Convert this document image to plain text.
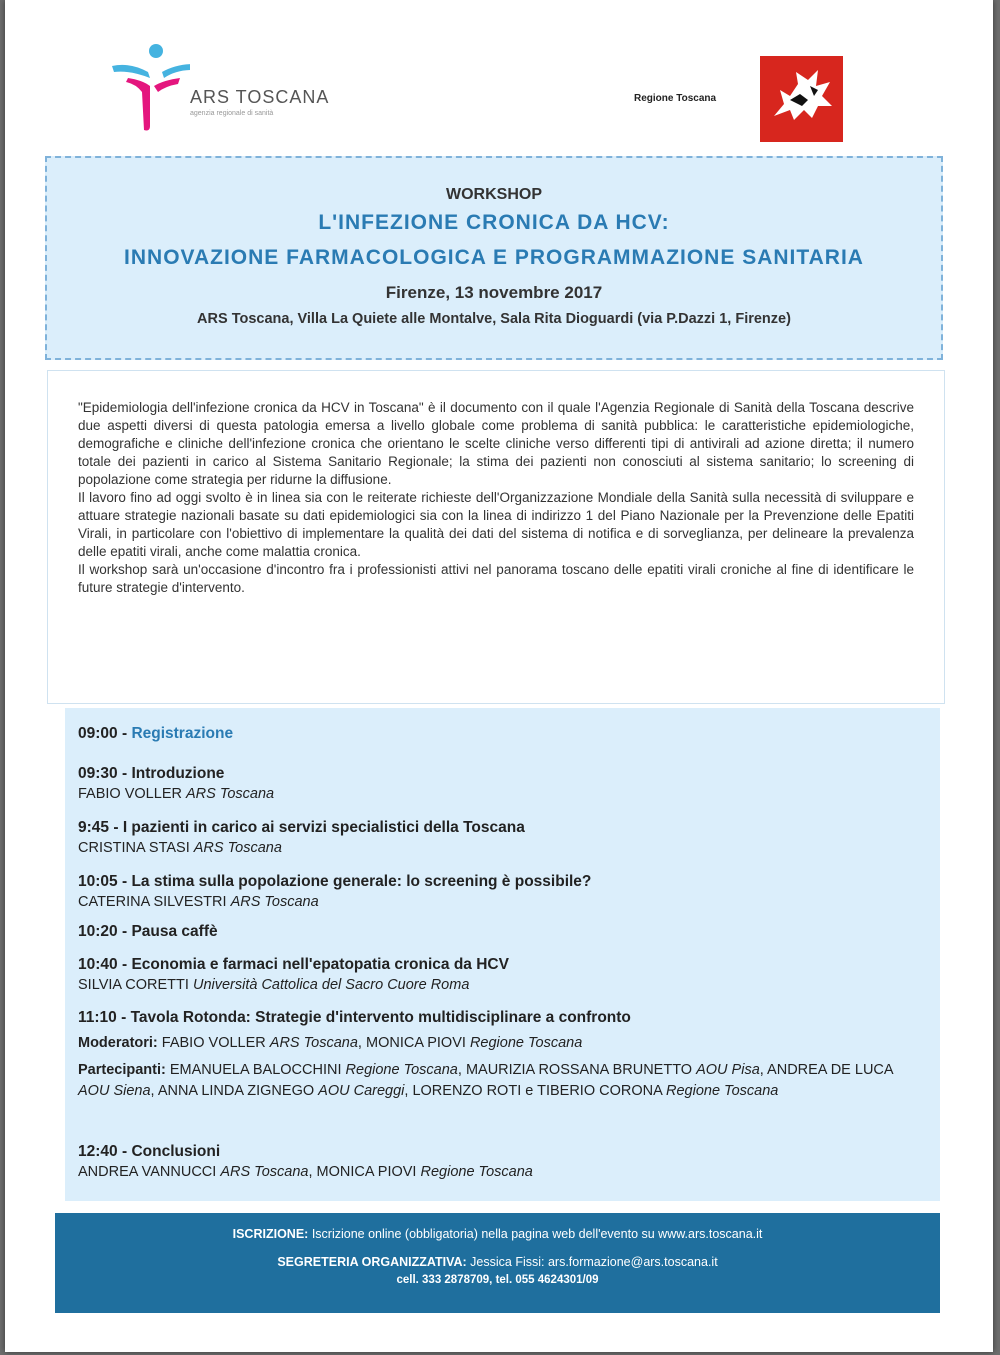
ARS TOSCANA
agenzia regionale di sanità
Regione Toscana
WORKSHOP
L'INFEZIONE CRONICA DA HCV:
INNOVAZIONE FARMACOLOGICA E PROGRAMMAZIONE SANITARIA
Firenze, 13 novembre 2017
ARS Toscana, Villa La Quiete alle Montalve, Sala Rita Dioguardi (via P.Dazzi 1, Firenze)

"Epidemiologia dell'infezione cronica da HCV in Toscana" è il documento con il quale l'Agenzia Regionale di Sanità della Toscana descrive due aspetti diversi di questa patologia emersa a livello globale come problema di sanità pubblica: le caratteristiche epidemiologiche, demografiche e cliniche dell'infezione cronica che orientano le scelte cliniche verso differenti tipi di antivirali ad azione diretta; il numero totale dei pazienti in carico al Sistema Sanitario Regionale; la stima dei pazienti non conosciuti al sistema sanitario; lo screening di popolazione come strategia per ridurne la diffusione.

Il lavoro fino ad oggi svolto è in linea sia con le reiterate richieste dell'Organizzazione Mondiale della Sanità sulla necessità di sviluppare e attuare strategie nazionali basate su dati epidemiologici sia con la linea di indirizzo 1 del Piano Nazionale per la Prevenzione delle Epatiti Virali, in particolare con l'obiettivo di implementare la qualità dei dati del sistema di notifica e di sorveglianza, per delineare la prevalenza delle epatiti virali, anche come malattia cronica.

Il workshop sarà un'occasione d'incontro fra i professionisti attivi nel panorama toscano delle epatiti virali croniche al fine di identificare le future strategie d'intervento.

09:00 - Registrazione
09:30 - Introduzione
FABIO VOLLER ARS Toscana
9:45 - I pazienti in carico ai servizi specialistici della Toscana
CRISTINA STASI ARS Toscana
10:05 - La stima sulla popolazione generale: lo screening è possibile?
CATERINA SILVESTRI ARS Toscana
10:20 - Pausa caffè
10:40 - Economia e farmaci nell'epatopatia cronica da HCV
SILVIA CORETTI Università Cattolica del Sacro Cuore Roma
11:10 - Tavola Rotonda: Strategie d'intervento multidisciplinare a confronto
Moderatori: FABIO VOLLER ARS Toscana, MONICA PIOVI Regione Toscana
Partecipanti: EMANUELA BALOCCHINI Regione Toscana, MAURIZIA ROSSANA BRUNETTO AOU Pisa, ANDREA DE LUCA AOU Siena, ANNA LINDA ZIGNEGO AOU Careggi, LORENZO ROTI e TIBERIO CORONA Regione Toscana
12:40 - Conclusioni
ANDREA VANNUCCI ARS Toscana, MONICA PIOVI Regione Toscana
ISCRIZIONE: Iscrizione online (obbligatoria) nella pagina web dell'evento su www.ars.toscana.it
SEGRETERIA ORGANIZZATIVA: Jessica Fissi: ars.formazione@ars.toscana.it
cell. 333 2878709, tel. 055 4624301/09
